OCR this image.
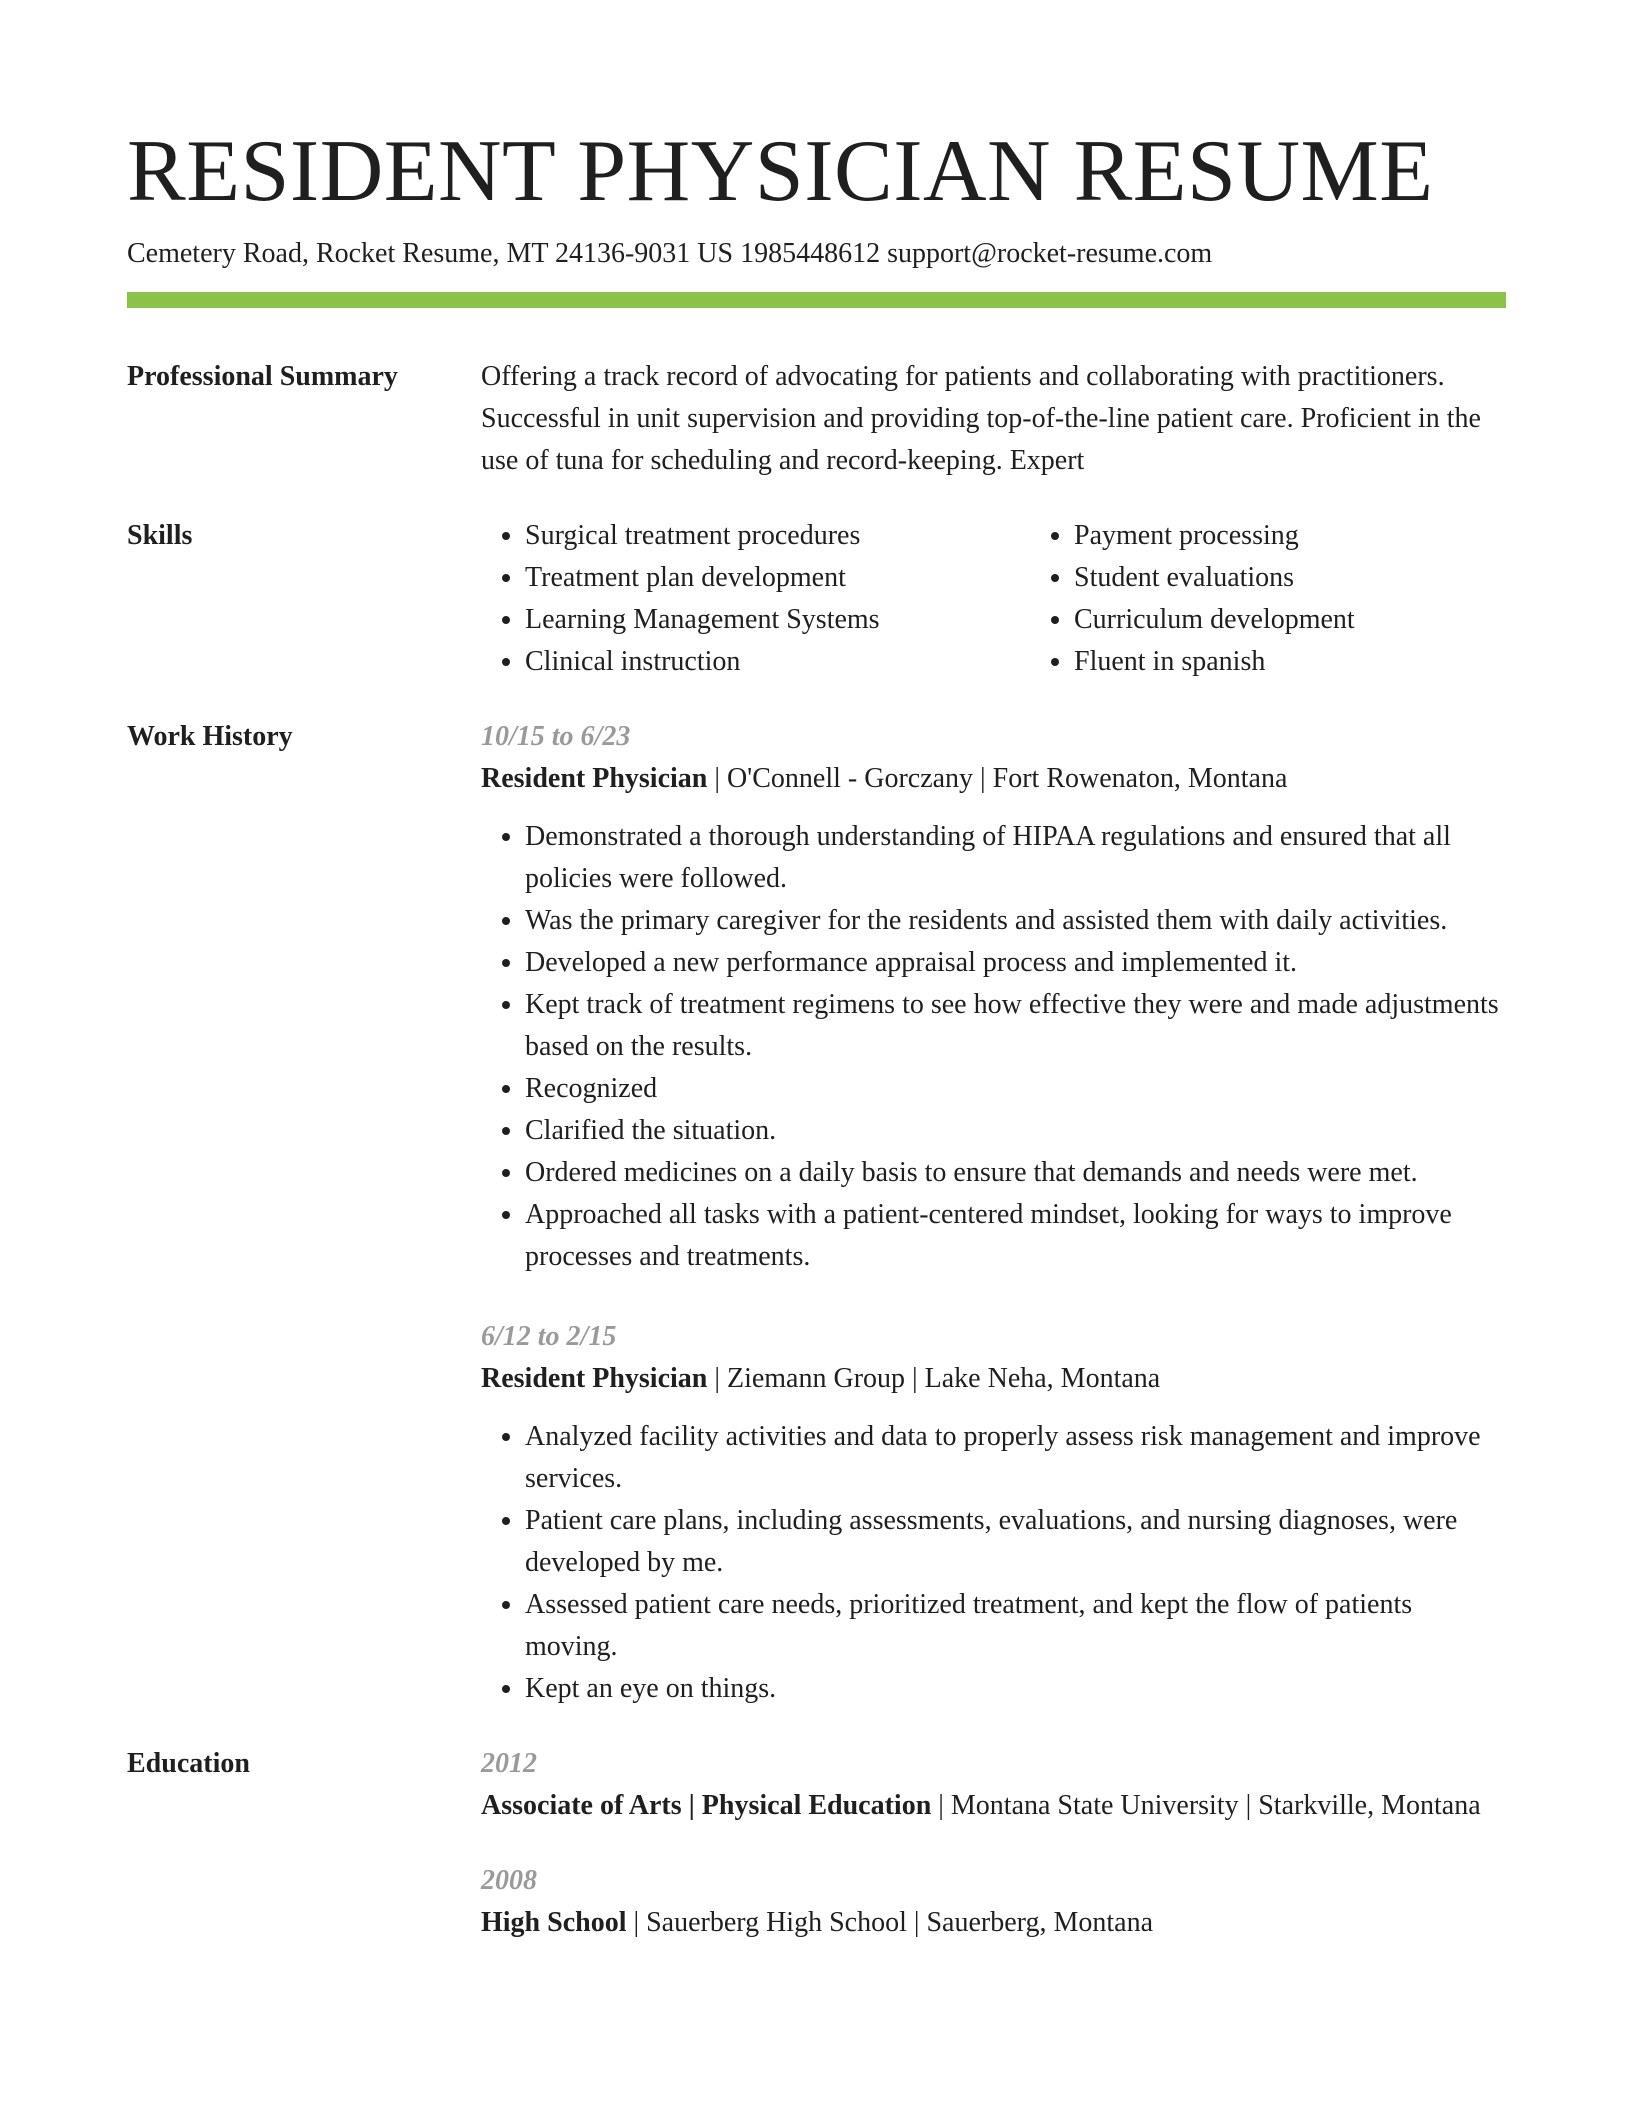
RESIDENT PHYSICIAN RESUME
Cemetery Road, Rocket Resume, MT 24136-9031 US 1985448612 support@rocket-resume.com
Professional Summary	Offering a track record of advocating for patients and collaborating with practitioners. Successful in unit supervision and providing top-of-the-line patient care. Proficient in the use of tuna for scheduling and record-keeping. Expert
Skills
•	Surgical treatment procedures
• Treatment plan development
• Learning Management Systems
• Clinical instruction
• Payment processing
• Student evaluations
• Curriculum development
• Fluent in spanish
Work History	10/15 to 6/23
Resident Physician | O'Connell - Gorczany | Fort Rowenaton, Montana
• Demonstrated a thorough understanding of HIPAA regulations and ensured that all policies were followed.
• Was the primary caregiver for the residents and assisted them with daily activities.
• Developed a new performance appraisal process and implemented it.
• Kept track of treatment regimens to see how effective they were and made adjustments based on the results.
• Recognized
• Clarified the situation.
• Ordered medicines on a daily basis to ensure that demands and needs were met.
• Approached all tasks with a patient-centered mindset, looking for ways to improve processes and treatments.
6/12 to 2/15
Resident Physician | Ziemann Group | Lake Neha, Montana
• Analyzed facility activities and data to properly assess risk management and improve services.
• Patient care plans, including assessments, evaluations, and nursing diagnoses, were developed by me.
• Assessed patient care needs, prioritized treatment, and kept the flow of patients moving.
• Kept an eye on things.
Education	2012
Associate of Arts | Physical Education | Montana State University | Starkville, Montana
2008
High School | Sauerberg High School | Sauerberg, Montana
